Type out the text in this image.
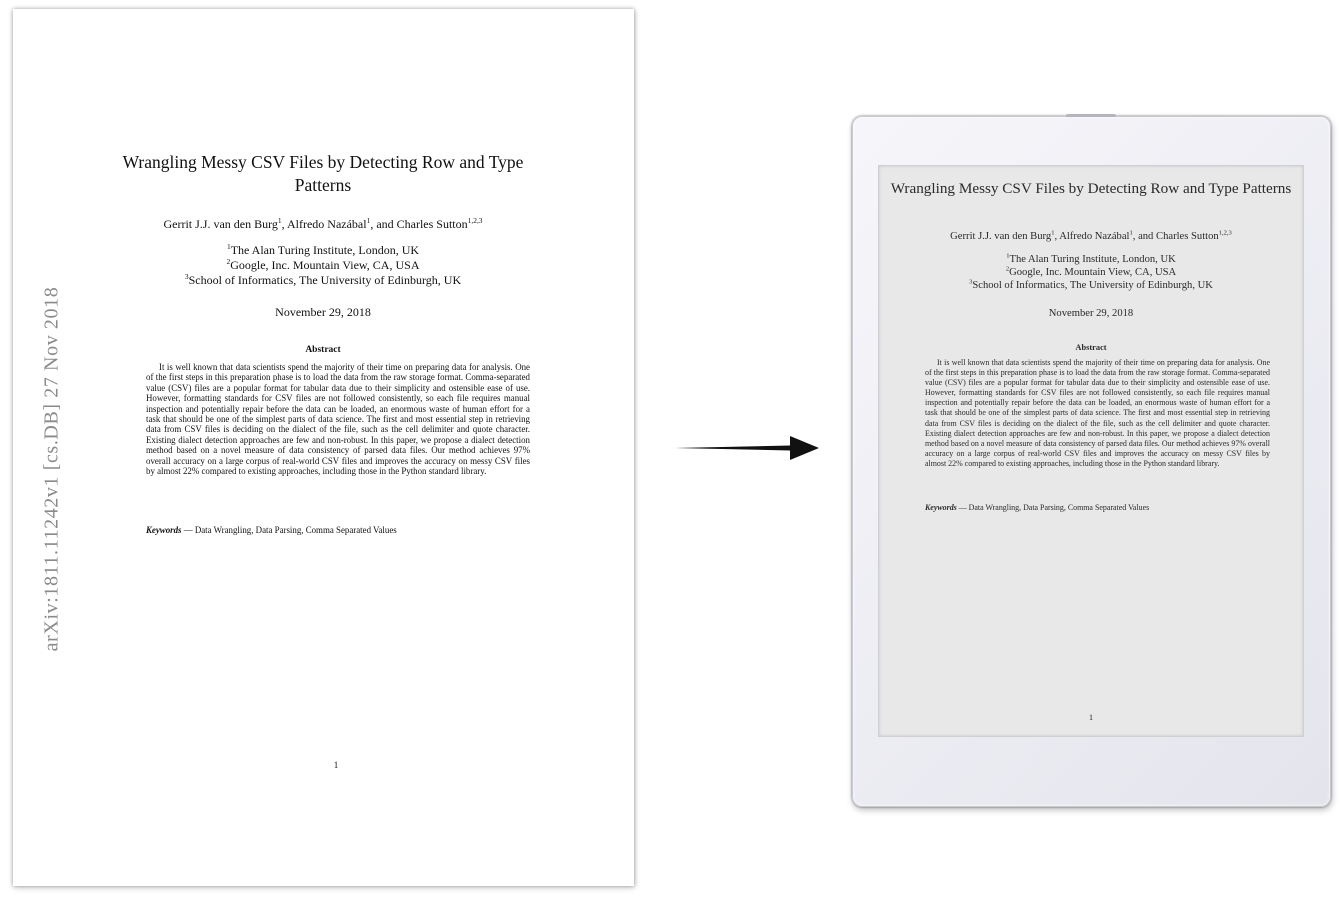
arXiv:1811.11242v1 [cs.DB] 27 Nov 2018
Wrangling Messy CSV Files by Detecting Row and Type Patterns
Gerrit J.J. van den Burg$^1$, Alfredo Nazábal$^1$, and Charles Sutton$^{1,2,3}$
$^1$The Alan Turing Institute, London, UK
$^2$Google, Inc. Mountain View, CA, USA
$^3$School of Informatics, The University of Edinburgh, UK
November 29, 2018
Abstract

It is well known that data scientists spend the majority of their time on preparing data for analysis. One of the first steps in this preparation phase is to load the data from the raw storage format. Comma-separated value (CSV) files are a popular format for tabular data due to their simplicity and ostensible ease of use. However, formatting standards for CSV files are not followed consistently, so each file requires manual inspection and potentially repair before the data can be loaded, an enormous waste of human effort for a task that should be one of the simplest parts of data science. The first and most essential step in retrieving data from CSV files is deciding on the dialect of the file, such as the cell delimiter and quote character. Existing dialect detection approaches are few and non-robust. In this paper, we propose a dialect detection method based on a novel measure of data consistency of parsed data files. Our method achieves 97% overall accuracy on a large corpus of real-world CSV files and improves the accuracy on messy CSV files by almost 22% compared to existing approaches, including those in the Python standard library.

Keywords — Data Wrangling, Data Parsing, Comma Separated Values
1
Wrangling Messy CSV Files by Detecting Row and Type Patterns
Gerrit J.J. van den Burg$^1$, Alfredo Nazábal$^1$, and Charles Sutton$^{1,2,3}$
$^1$The Alan Turing Institute, London, UK
$^2$Google, Inc. Mountain View, CA, USA
$^3$School of Informatics, The University of Edinburgh, UK
November 29, 2018
Abstract

It is well known that data scientists spend the majority of their time on preparing data for analysis. One of the first steps in this preparation phase is to load the data from the raw storage format. Comma-separated value (CSV) files are a popular format for tabular data due to their simplicity and ostensible ease of use. However, formatting standards for CSV files are not followed consistently, so each file requires manual inspection and potentially repair before the data can be loaded, an enormous waste of human effort for a task that should be one of the simplest parts of data science. The first and most essential step in retrieving data from CSV files is deciding on the dialect of the file, such as the cell delimiter and quote character. Existing dialect detection approaches are few and non-robust. In this paper, we propose a dialect detection method based on a novel measure of data consistency of parsed data files. Our method achieves 97% overall accuracy on a large corpus of real-world CSV files and improves the accuracy on messy CSV files by almost 22% compared to existing approaches, including those in the Python standard library.

Keywords — Data Wrangling, Data Parsing, Comma Separated Values
1
